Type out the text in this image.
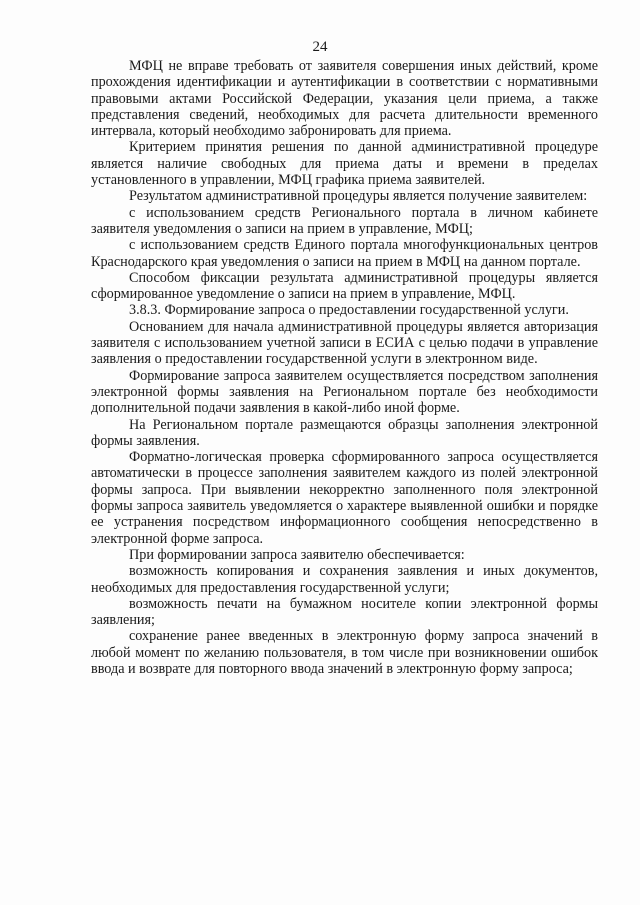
24

МФЦ не вправе требовать от заявителя совершения иных действий, кроме прохождения идентификации и аутентификации в соответствии с нормативными правовыми актами Российской Федерации, указания цели приема, а также представления сведений, необходимых для расчета длительности временного интервала, который необходимо забронировать для приема.

Критерием принятия решения по данной административной процедуре является наличие свободных для приема даты и времени в пределах установленного в управлении, МФЦ графика приема заявителей.

Результатом административной процедуры является получение заявителем:

с использованием средств Регионального портала в личном кабинете заявителя уведомления о записи на прием в управление, МФЦ;

с использованием средств Единого портала многофункциональных центров Краснодарского края уведомления о записи на прием в МФЦ на данном портале.

Способом фиксации результата административной процедуры является сформированное уведомление о записи на прием в управление, МФЦ.

3.8.3. Формирование запроса о предоставлении государственной услуги.

Основанием для начала административной процедуры является авторизация заявителя с использованием учетной записи в ЕСИА с целью подачи в управление заявления о предоставлении государственной услуги в электронном виде.

Формирование запроса заявителем осуществляется посредством заполнения электронной формы заявления на Региональном портале без необходимости дополнительной подачи заявления в какой-либо иной форме.

На Региональном портале размещаются образцы заполнения электронной формы заявления.

Форматно-логическая проверка сформированного запроса осуществляется автоматически в процессе заполнения заявителем каждого из полей электронной формы запроса. При выявлении некорректно заполненного поля электронной формы запроса заявитель уведомляется о характере выявленной ошибки и порядке ее устранения посредством информационного сообщения непосредственно в электронной форме запроса.

При формировании запроса заявителю обеспечивается:

возможность копирования и сохранения заявления и иных документов, необходимых для предоставления государственной услуги;

возможность печати на бумажном носителе копии электронной формы заявления;

сохранение ранее введенных в электронную форму запроса значений в любой момент по желанию пользователя, в том числе при возникновении ошибок ввода и возврате для повторного ввода значений в электронную форму запроса;
